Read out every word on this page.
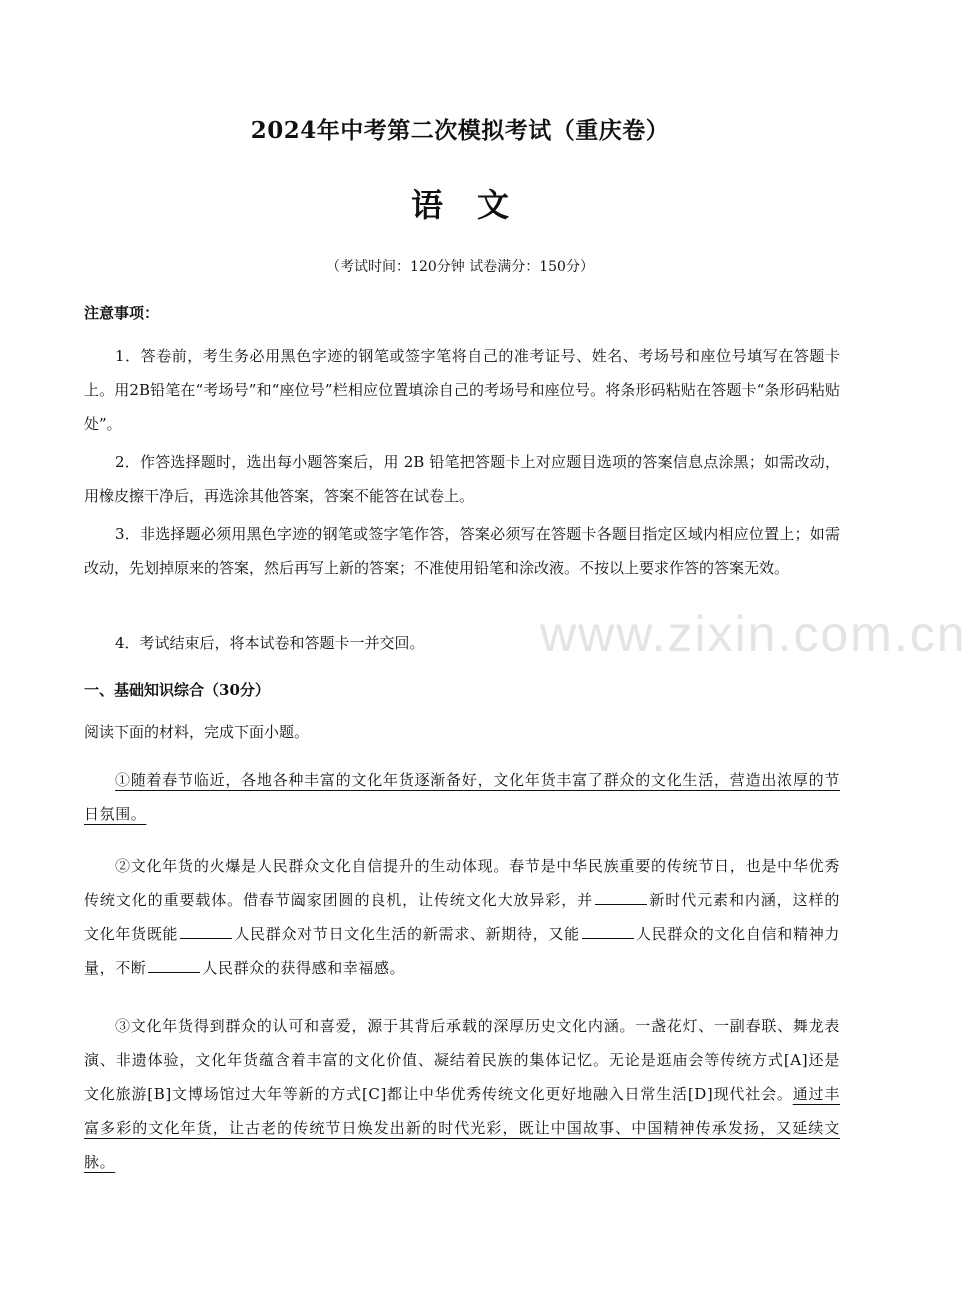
2024年中考第二次模拟考试（重庆卷）
语文
（考试时间：120分钟 试卷满分：150分）
注意事项：
1．答卷前，考生务必用黑色字迹的钢笔或签字笔将自己的准考证号、姓名、考场号和座位号填写在答题卡上。用2B铅笔在“考场号”和“座位号”栏相应位置填涂自己的考场号和座位号。将条形码粘贴在答题卡“条形码粘贴处”。
2．作答选择题时，选出每小题答案后，用 2B 铅笔把答题卡上对应题目选项的答案信息点涂黑；如需改动，用橡皮擦干净后，再选涂其他答案，答案不能答在试卷上。
3．非选择题必须用黑色字迹的钢笔或签字笔作答，答案必须写在答题卡各题目指定区域内相应位置上；如需改动，先划掉原来的答案，然后再写上新的答案；不准使用铅笔和涂改液。不按以上要求作答的答案无效。
4．考试结束后，将本试卷和答题卡一并交回。
一、基础知识综合（30分）
阅读下面的材料，完成下面小题。
①随着春节临近，各地各种丰富的文化年货逐渐备好，文化年货丰富了群众的文化生活，营造出浓厚的节日氛围。
②文化年货的火爆是人民群众文化自信提升的生动体现。春节是中华民族重要的传统节日，也是中华优秀传统文化的重要载体。借春节阖家团圆的良机，让传统文化大放异彩，并	新时代元素和内涵，这样的文化年货既能	人民群众对节日文化生活的新需求、新期待，又能	人民群众的文化自信和精神力量，不断	人民群众的获得感和幸福感。
③文化年货得到群众的认可和喜爱，源于其背后承载的深厚历史文化内涵。一盏花灯、一副春联、舞龙表演、非遗体验，文化年货蕴含着丰富的文化价值、凝结着民族的集体记忆。无论是逛庙会等传统方式[A]还是文化旅游[B]文博场馆过大年等新的方式[C]都让中华优秀传统文化更好地融入日常生活[D]现代社会。通过丰富多彩的文化年货，让古老的传统节日焕发出新的时代光彩，既让中国故事、中国精神传承发扬，又延续文脉。
www.zixin.com.cn
